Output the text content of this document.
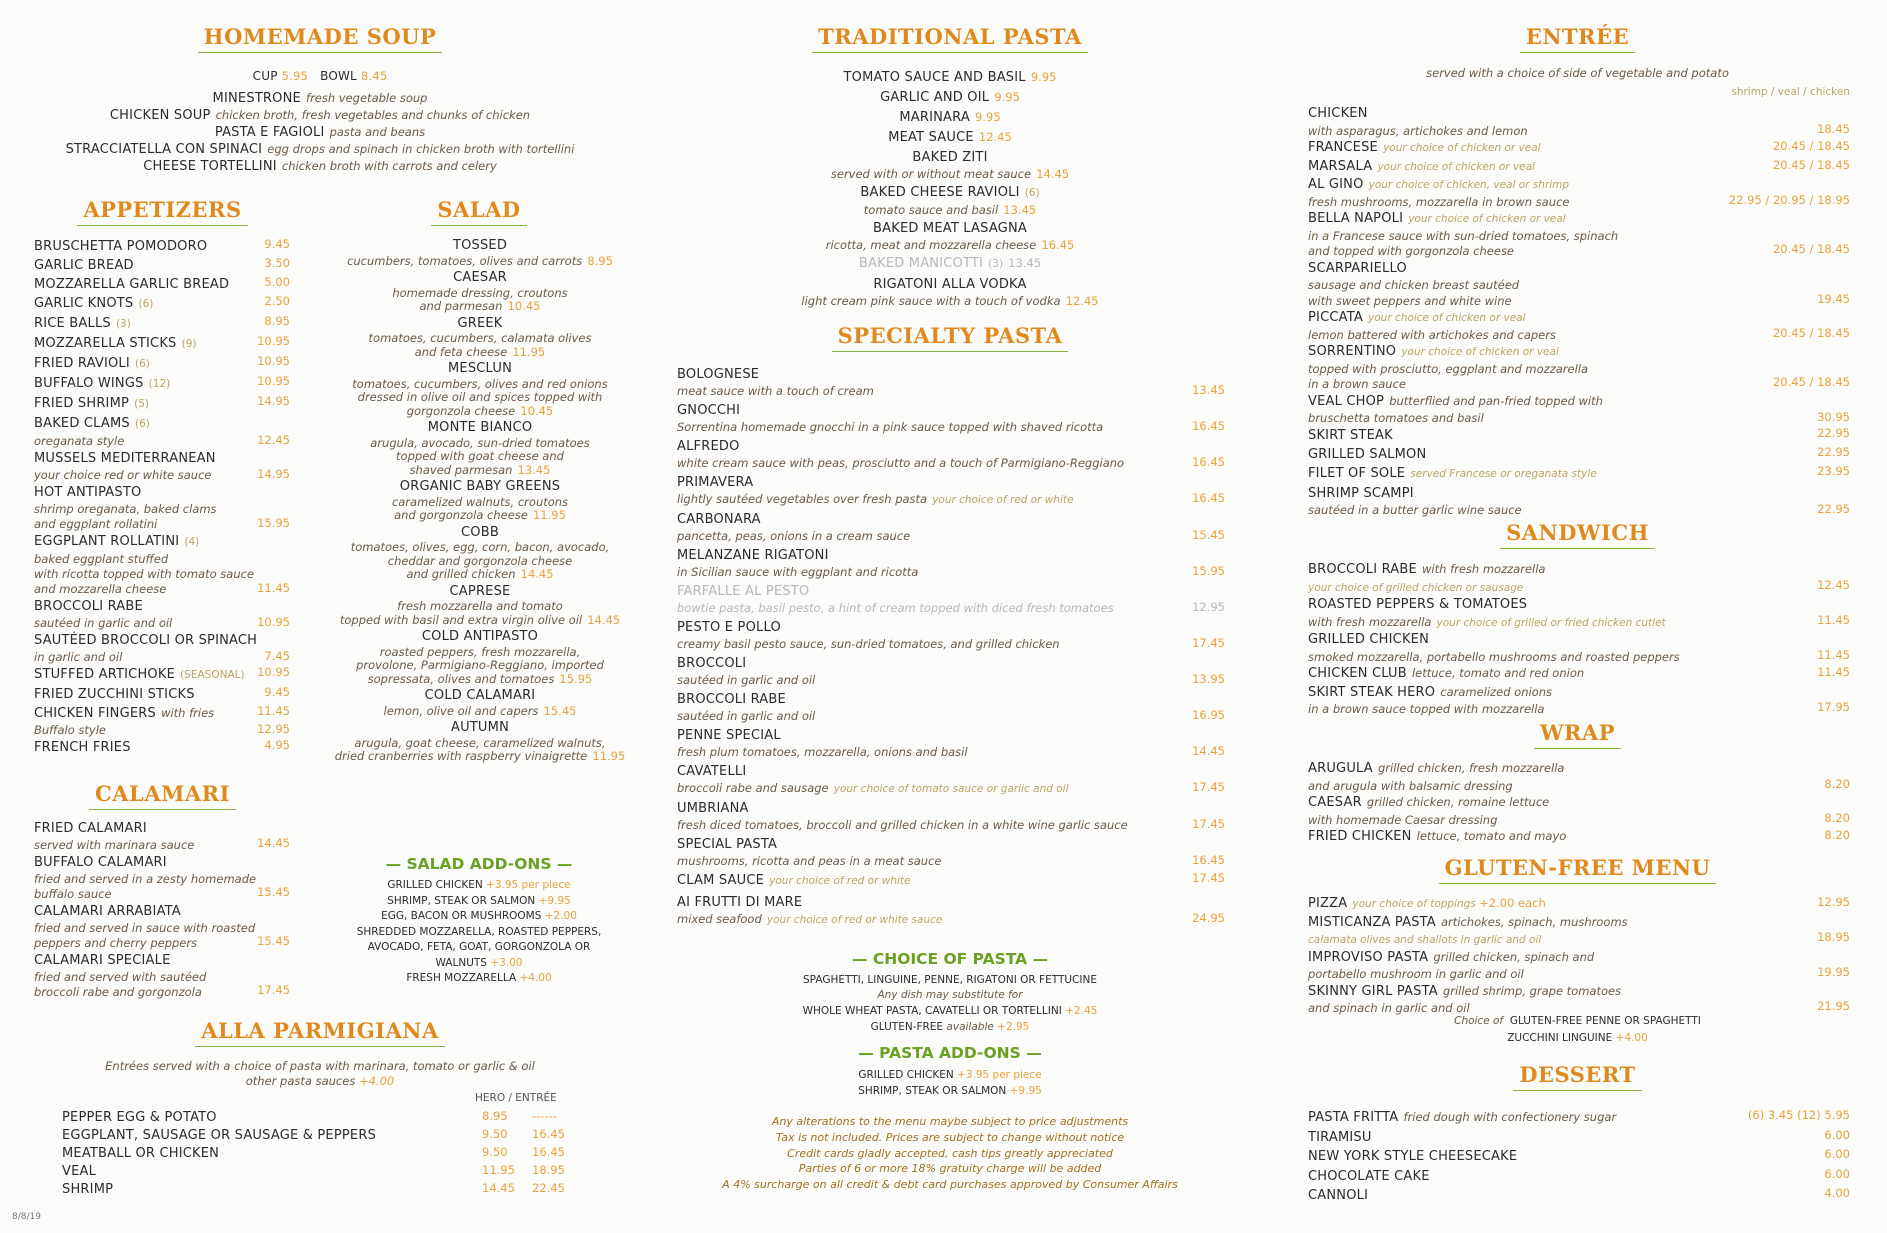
HOMEMADE SOUP
CUP 5.95 BOWL 8.45
MINESTRONE fresh vegetable soup
CHICKEN SOUP chicken broth, fresh vegetables and chunks of chicken
PASTA E FAGIOLI pasta and beans
STRACCIATELLA CON SPINACI egg drops and spinach in chicken broth with tortellini
CHEESE TORTELLINI chicken broth with carrots and celery
APPETIZERS
BRUSCHETTA POMODORO	9.45
GARLIC BREAD	3.50
MOZZARELLA GARLIC BREAD	5.00
GARLIC KNOTS (6)	2.50
RICE BALLS (3)	8.95
MOZZARELLA STICKS (9)	10.95
FRIED RAVIOLI (6)	10.95
BUFFALO WINGS (12)	10.95
FRIED SHRIMP (5)	14.95
BAKED CLAMS (6)
oreganata style	12.45
MUSSELS MEDITERRANEAN
your choice red or white sauce	14.95
HOT ANTIPASTO
shrimp oreganata, baked clams
and eggplant rollatini	15.95
EGGPLANT ROLLATINI (4)
baked eggplant stuffed
with ricotta topped with tomato sauce
and mozzarella cheese	11.45
BROCCOLI RABE
sautéed in garlic and oil	10.95
SAUTÉED BROCCOLI OR SPINACH
in garlic and oil	7.45
STUFFED ARTICHOKE (SEASONAL) 10.95
FRIED ZUCCHINI STICKS	9.45
CHICKEN FINGERS with fries	11.45
Buffalo style	12.95
FRENCH FRIES	4.95
CALAMARI
FRIED CALAMARI
served with marinara sauce	14.45
BUFFALO CALAMARI
fried and served in a zesty homemade
buffalo sauce	15.45
CALAMARI ARRABIATA
fried and served in sauce with roasted
peppers and cherry peppers	15.45
CALAMARI SPECIALE
fried and served with sautéed
broccoli rabe and gorgonzola	17.45
SALAD
TOSSED
cucumbers, tomatoes, olives and carrots 8.95
CAESAR
homemade dressing, croutons
and parmesan 10.45
GREEK
tomatoes, cucumbers, calamata olives
and feta cheese 11.95
MESCLUN
tomatoes, cucumbers, olives and red onions
dressed in olive oil and spices topped with
gorgonzola cheese 10.45
MONTE BIANCO
arugula, avocado, sun-dried tomatoes
topped with goat cheese and
shaved parmesan 13.45
ORGANIC BABY GREENS
caramelized walnuts, croutons
and gorgonzola cheese 11.95
COBB
tomatoes, olives, egg, corn, bacon, avocado,
cheddar and gorgonzola cheese
and grilled chicken 14.45
CAPRESE
fresh mozzarella and tomato
topped with basil and extra virgin olive oil 14.45
COLD ANTIPASTO
roasted peppers, fresh mozzarella,
provolone, Parmigiano-Reggiano, imported
sopressata, olives and tomatoes 15.95
COLD CALAMARI
lemon, olive oil and capers 15.45
AUTUMN
arugula, goat cheese, caramelized walnuts,
dried cranberries with raspberry vinaigrette 11.95
— SALAD ADD-ONS —
GRILLED CHICKEN +3.95 per piece
SHRIMP, STEAK OR SALMON +9.95
EGG, BACON OR MUSHROOMS +2.00
SHREDDED MOZZARELLA, ROASTED PEPPERS,
AVOCADO, FETA, GOAT, GORGONZOLA OR
WALNUTS +3.00
FRESH MOZZARELLA +4.00
ALLA PARMIGIANA
Entrées served with a choice of pasta with marinara, tomato or garlic & oil
other pasta sauces +4.00
HERO / ENTRÉE
PEPPER EGG & POTATO	8.95 ------
EGGPLANT, SAUSAGE OR SAUSAGE & PEPPERS	9.50 16.45
MEATBALL OR CHICKEN	9.50 16.45
VEAL	11.95 18.95
SHRIMP	14.45 22.45
8/8/19
TRADITIONAL PASTA
TOMATO SAUCE AND BASIL 9.95
GARLIC AND OIL 9.95
MARINARA 9.95
MEAT SAUCE 12.45
BAKED ZITI
served with or without meat sauce 14.45
BAKED CHEESE RAVIOLI (6)
tomato sauce and basil 13.45
BAKED MEAT LASAGNA
ricotta, meat and mozzarella cheese 16.45
BAKED MANICOTTI (3) 13.45
RIGATONI ALLA VODKA
light cream pink sauce with a touch of vodka 12.45
SPECIALTY PASTA
BOLOGNESE
meat sauce with a touch of cream	13.45
GNOCCHI
Sorrentina homemade gnocchi in a pink sauce topped with shaved ricotta	16.45
ALFREDO
white cream sauce with peas, prosciutto and a touch of Parmigiano-Reggiano	16.45
PRIMAVERA
lightly sautéed vegetables over fresh pasta your choice of red or white	16.45
CARBONARA
pancetta, peas, onions in a cream sauce	15.45
MELANZANE RIGATONI
in Sicilian sauce with eggplant and ricotta	15.95
FARFALLE AL PESTO
bowtie pasta, basil pesto, a hint of cream topped with diced fresh tomatoes	12.95
PESTO E POLLO
creamy basil pesto sauce, sun-dried tomatoes, and grilled chicken	17.45
BROCCOLI
sautéed in garlic and oil	13.95
BROCCOLI RABE
sautéed in garlic and oil	16.95
PENNE SPECIAL
fresh plum tomatoes, mozzarella, onions and basil	14.45
CAVATELLI
broccoli rabe and sausage your choice of tomato sauce or garlic and oil	17.45
UMBRIANA
fresh diced tomatoes, broccoli and grilled chicken in a white wine garlic sauce	17.45
SPECIAL PASTA
mushrooms, ricotta and peas in a meat sauce	16.45
CLAM SAUCE your choice of red or white	17.45
AI FRUTTI DI MARE
mixed seafood your choice of red or white sauce	24.95
— CHOICE OF PASTA —
SPAGHETTI, LINGUINE, PENNE, RIGATONI OR FETTUCINE
Any dish may substitute for
WHOLE WHEAT PASTA, CAVATELLI OR TORTELLINI +2.45
GLUTEN-FREE available +2.95
— PASTA ADD-ONS —
GRILLED CHICKEN +3.95 per piece
SHRIMP, STEAK OR SALMON +9.95
Any alterations to the menu maybe subject to price adjustments
Tax is not included. Prices are subject to change without notice
Credit cards gladly accepted, cash tips greatly appreciated
Parties of 6 or more 18% gratuity charge will be added
A 4% surcharge on all credit & debt card purchases approved by Consumer Affairs
ENTRÉE
served with a choice of side of vegetable and potato
shrimp / veal / chicken
CHICKEN
with asparagus, artichokes and lemon	18.45
FRANCESE your choice of chicken or veal	20.45 / 18.45
MARSALA your choice of chicken or veal	20.45 / 18.45
AL GINO your choice of chicken, veal or shrimp
fresh mushrooms, mozzarella in brown sauce	22.95 / 20.95 / 18.95
BELLA NAPOLI your choice of chicken or veal
in a Francese sauce with sun-dried tomatoes, spinach
and topped with gorgonzola cheese	20.45 / 18.45
SCARPARIELLO
sausage and chicken breast sautéed
with sweet peppers and white wine	19.45
PICCATA your choice of chicken or veal
lemon battered with artichokes and capers	20.45 / 18.45
SORRENTINO your choice of chicken or veal
topped with prosciutto, eggplant and mozzarella
in a brown sauce	20.45 / 18.45
VEAL CHOP butterflied and pan-fried topped with
bruschetta tomatoes and basil	30.95
SKIRT STEAK	22.95
GRILLED SALMON	22.95
FILET OF SOLE served Francese or oreganata style	23.95
SHRIMP SCAMPI
sautéed in a butter garlic wine sauce	22.95
SANDWICH
BROCCOLI RABE with fresh mozzarella
your choice of grilled chicken or sausage	12.45
ROASTED PEPPERS & TOMATOES
with fresh mozzarella your choice of grilled or fried chicken cutlet	11.45
GRILLED CHICKEN
smoked mozzarella, portabello mushrooms and roasted peppers	11.45
CHICKEN CLUB lettuce, tomato and red onion	11.45
SKIRT STEAK HERO caramelized onions
in a brown sauce topped with mozzarella	17.95
WRAP
ARUGULA grilled chicken, fresh mozzarella
and arugula with balsamic dressing	8.20
CAESAR grilled chicken, romaine lettuce
with homemade Caesar dressing	8.20
FRIED CHICKEN lettuce, tomato and mayo	8.20
GLUTEN-FREE MENU
PIZZA your choice of toppings +2.00 each	12.95
MISTICANZA PASTA artichokes, spinach, mushrooms
calamata olives and shallots in garlic and oil	18.95
IMPROVISO PASTA grilled chicken, spinach and
portabello mushroom in garlic and oil	19.95
SKINNY GIRL PASTA grilled shrimp, grape tomatoes
and spinach in garlic and oil	21.95
Choice of GLUTEN-FREE PENNE OR SPAGHETTI
ZUCCHINI LINGUINE +4.00
DESSERT
PASTA FRITTA fried dough with confectionery sugar	(6) 3.45 (12) 5.95
TIRAMISU	6.00
NEW YORK STYLE CHEESECAKE	6.00
CHOCOLATE CAKE	6.00
CANNOLI	4.00
